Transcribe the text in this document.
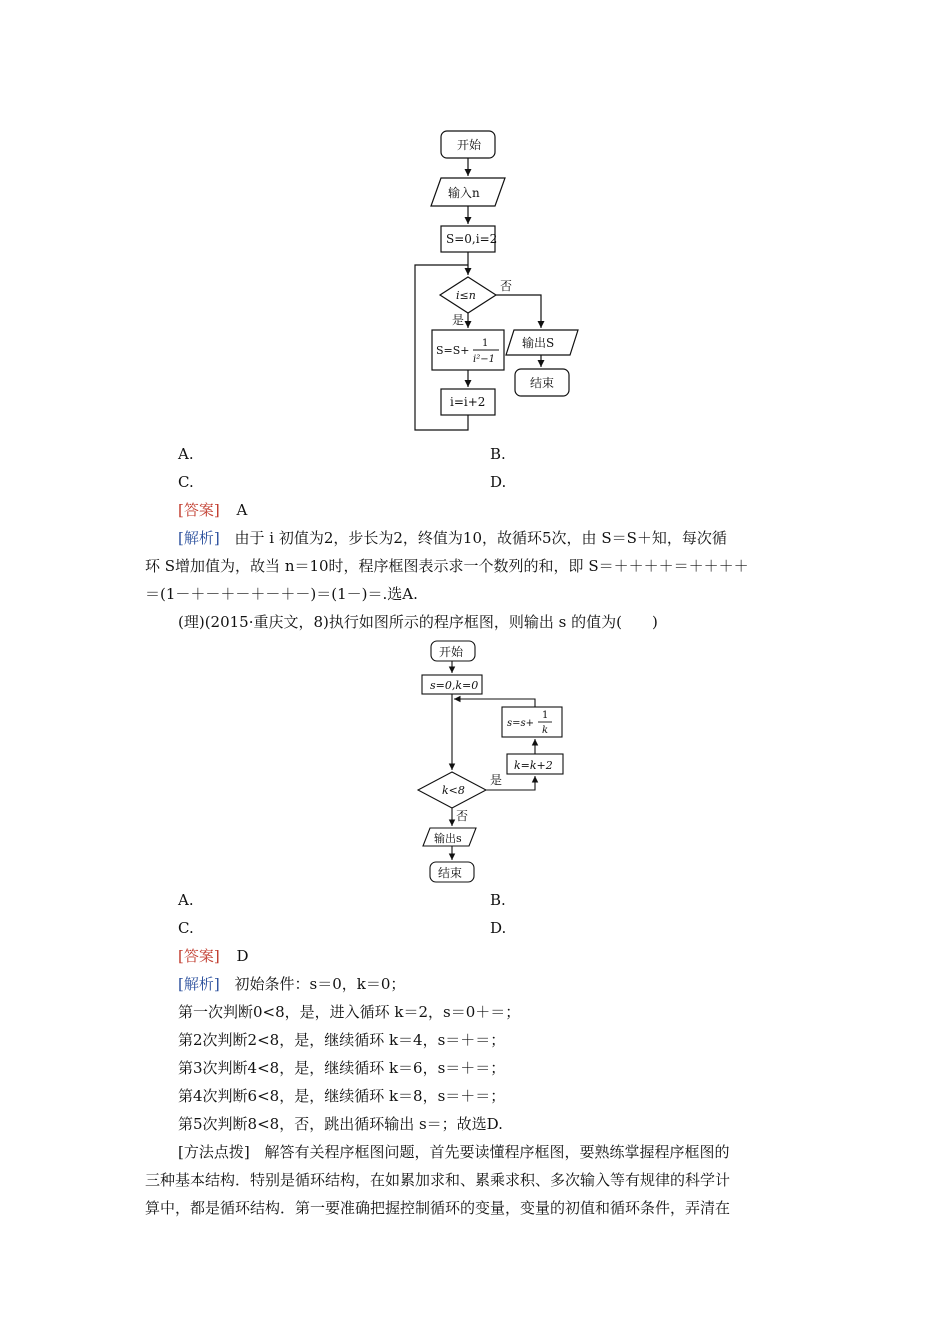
开始
输入n
S=0,i=2
i≤n
否
是
S=S+
1
i²−1
i=i+2
输出S
结束
A.	B.
C.	D.
[答案] A
[解析] 由于 i 初值为2，步长为2，终值为10，故循环5次，由 S＝S＋知，每次循
环 S增加值为，故当 n＝10时，程序框图表示求一个数列的和，即 S＝＋＋＋＋＝＋＋＋＋
＝(1－＋－＋－＋－＋－)＝(1－)＝.选A.
(理)(2015·重庆文，8)执行如图所示的程序框图，则输出 s 的值为(　　)
开始
s=0,k=0
s=s+
1
k
k=k+2
k<8
是
否
输出s
结束
A.	B.
C.	D.
[答案] D
[解析] 初始条件：s＝0，k＝0；
第一次判断0<8，是，进入循环 k＝2，s＝0＋＝；
第2次判断2<8，是，继续循环 k＝4，s＝＋＝；
第3次判断4<8，是，继续循环 k＝6，s＝＋＝；
第4次判断6<8，是，继续循环 k＝8，s＝＋＝；
第5次判断8<8，否，跳出循环输出 s＝；故选D.
[方法点拨] 解答有关程序框图问题，首先要读懂程序框图，要熟练掌握程序框图的
三种基本结构．特别是循环结构，在如累加求和、累乘求积、多次输入等有规律的科学计
算中，都是循环结构．第一要准确把握控制循环的变量，变量的初值和循环条件，弄清在
